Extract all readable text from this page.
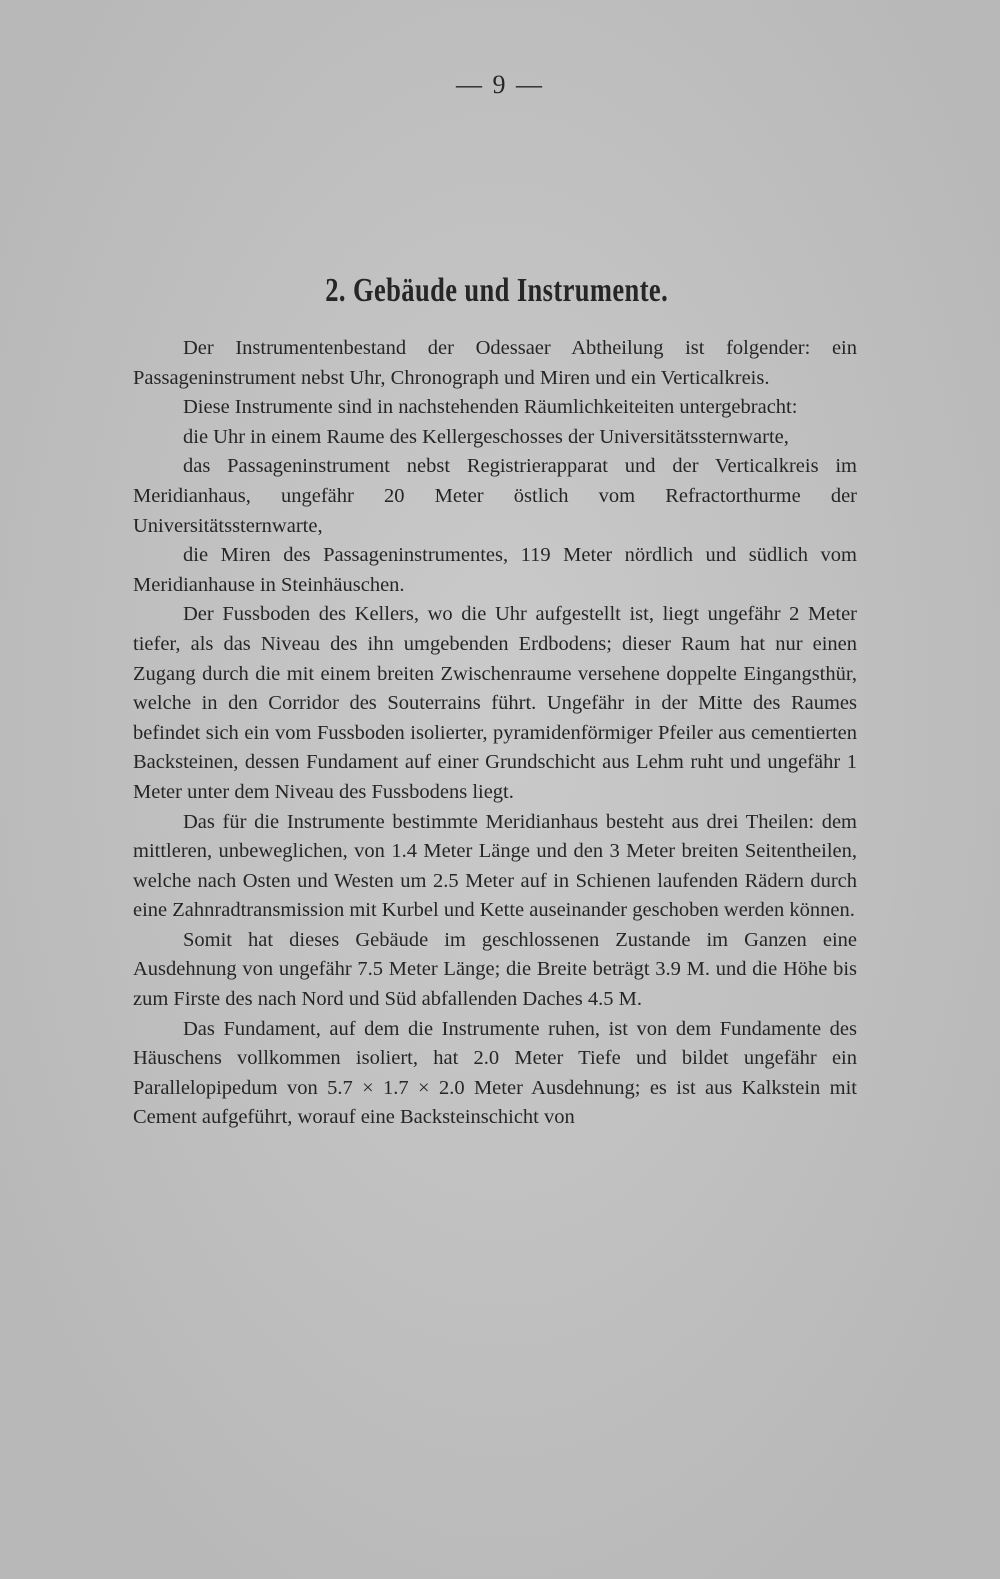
— 9 —
2. Gebäude und Instrumente.

Der Instrumentenbestand der Odessaer Abtheilung ist folgender: ein Passageninstrument nebst Uhr, Chronograph und Miren und ein Verticalkreis.

Diese Instrumente sind in nachstehenden Räumlichkeiteiten untergebracht:

die Uhr in einem Raume des Kellergeschosses der Universitätssternwarte,

das Passageninstrument nebst Registrierapparat und der Verticalkreis im Meridianhaus, ungefähr 20 Meter östlich vom Refractorthurme der Universitätssternwarte,

die Miren des Passageninstrumentes, 119 Meter nördlich und südlich vom Meridianhause in Steinhäuschen.

Der Fussboden des Kellers, wo die Uhr aufgestellt ist, liegt ungefähr 2 Meter tiefer, als das Niveau des ihn umgebenden Erdbodens; dieser Raum hat nur einen Zugang durch die mit einem breiten Zwischenraume versehene doppelte Eingangsthür, welche in den Corridor des Souterrains führt. Ungefähr in der Mitte des Raumes befindet sich ein vom Fussboden isolierter, pyramidenförmiger Pfeiler aus cementierten Backsteinen, dessen Fundament auf einer Grundschicht aus Lehm ruht und ungefähr 1 Meter unter dem Niveau des Fussbodens liegt.

Das für die Instrumente bestimmte Meridianhaus besteht aus drei Theilen: dem mittleren, unbeweglichen, von 1.4 Meter Länge und den 3 Meter breiten Seitentheilen, welche nach Osten und Westen um 2.5 Meter auf in Schienen laufenden Rädern durch eine Zahnradtransmission mit Kurbel und Kette auseinander geschoben werden können.

Somit hat dieses Gebäude im geschlossenen Zustande im Ganzen eine Ausdehnung von ungefähr 7.5 Meter Länge; die Breite beträgt 3.9 M. und die Höhe bis zum Firste des nach Nord und Süd abfallenden Daches 4.5 M.

Das Fundament, auf dem die Instrumente ruhen, ist von dem Fundamente des Häuschens vollkommen isoliert, hat 2.0 Meter Tiefe und bildet ungefähr ein Parallelopipedum von 5.7 × 1.7 × 2.0 Meter Ausdehnung; es ist aus Kalkstein mit Cement aufgeführt, worauf eine Backsteinschicht von
